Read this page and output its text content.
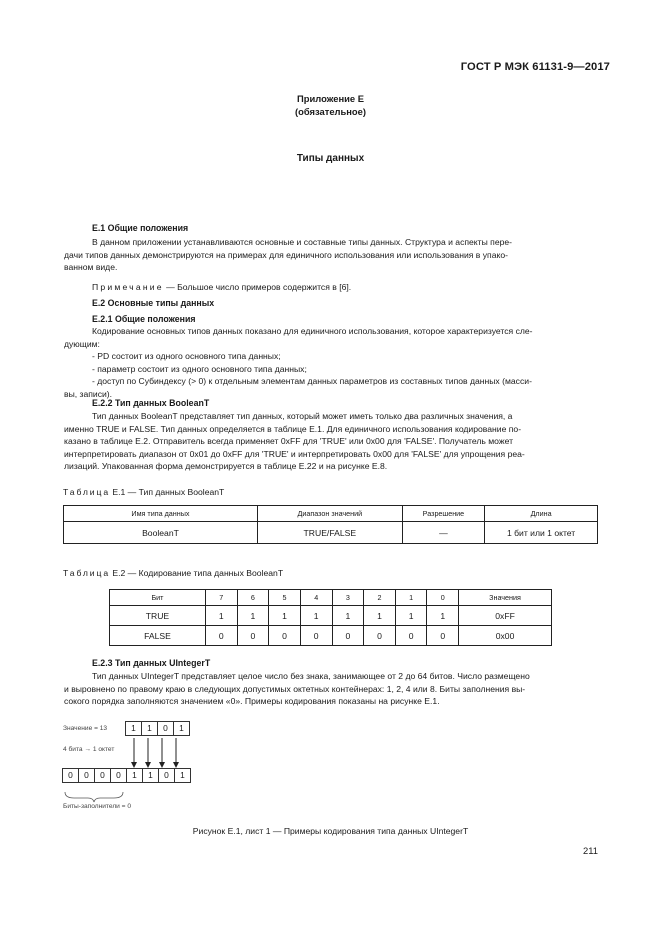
ГОСТ Р МЭК 61131-9—2017
Приложение Е
(обязательное)
Типы данных
Е.1 Общие положения
В данном приложении устанавливаются основные и составные типы данных. Структура и аспекты пере-
дачи типов данных демонстрируются на примерах для единичного использования или использования в упако-
ванном виде.
Примечание — Большое число примеров содержится в [6].
Е.2 Основные типы данных
Е.2.1 Общие положения
Кодирование основных типов данных показано для единичного использования, которое характеризуется сле-
дующим:
- PD состоит из одного основного типа данных;
- параметр состоит из одного основного типа данных;
- доступ по Субиндексу (> 0) к отдельным элементам данных параметров из составных типов данных (масси-
вы, записи).
Е.2.2 Тип данных BooleanT
Тип данных BooleanT представляет тип данных, который может иметь только два различных значения, а
именно TRUE и FALSE. Тип данных определяется в таблице Е.1. Для единичного использования кодирование по-
казано в таблице Е.2. Отправитель всегда применяет 0xFF для 'TRUE' или 0x00 для 'FALSE'. Получатель может
интерпретировать диапазон от 0x01 до 0xFF для 'TRUE' и интерпретировать 0x00 для 'FALSE' для упрощения реа-
лизаций. Упакованная форма демонстрируется в таблице Е.22 и на рисунке Е.8.
Таблица Е.1 — Тип данных BooleanT
Имя типа данных	Диапазон значений	Разрешение	Длина
BooleanT	TRUE/FALSE	—	1 бит или 1 октет
Таблица Е.2 — Кодирование типа данных BooleanT
Бит	7	6	5	4	3	2	1	0	Значения
TRUE	1	1	1	1	1	1	1	1	0xFF
FALSE	0	0	0	0	0	0	0	0	0x00
Е.2.3 Тип данных UIntegerT
Тип данных UIntegerT представляет целое число без знака, занимающее от 2 до 64 битов. Число размещено
и выровнено по правому краю в следующих допустимых октетных контейнерах: 1, 2, 4 или 8. Биты заполнения вы-
сокого порядка заполняются значением «0». Примеры кодирования показаны на рисунке Е.1.
Значение = 13	1	1	0	1
4 бита → 1 октет
0	0	0	0	1	1	0	1
Биты-заполнители = 0
Рисунок Е.1, лист 1 — Примеры кодирования типа данных UIntegerT
211
